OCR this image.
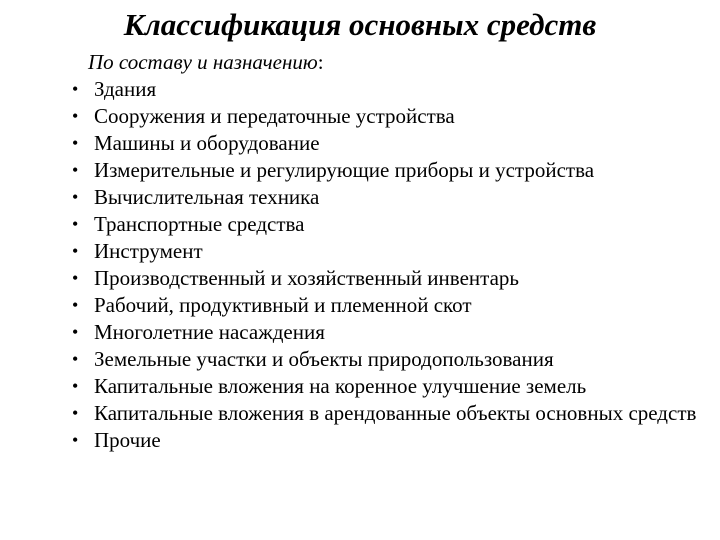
Классификация основных средств
По составу и назначению:
• Здания
• Сооружения и передаточные устройства
• Машины и оборудование
• Измерительные и регулирующие приборы и устройства
• Вычислительная техника
• Транспортные средства
• Инструмент
• Производственный и хозяйственный инвентарь
• Рабочий, продуктивный и племенной скот
• Многолетние насаждения
• Земельные участки и объекты природопользования
• Капитальные вложения на коренное улучшение земель
• Капитальные вложения в арендованные объекты основных средств
• Прочие
